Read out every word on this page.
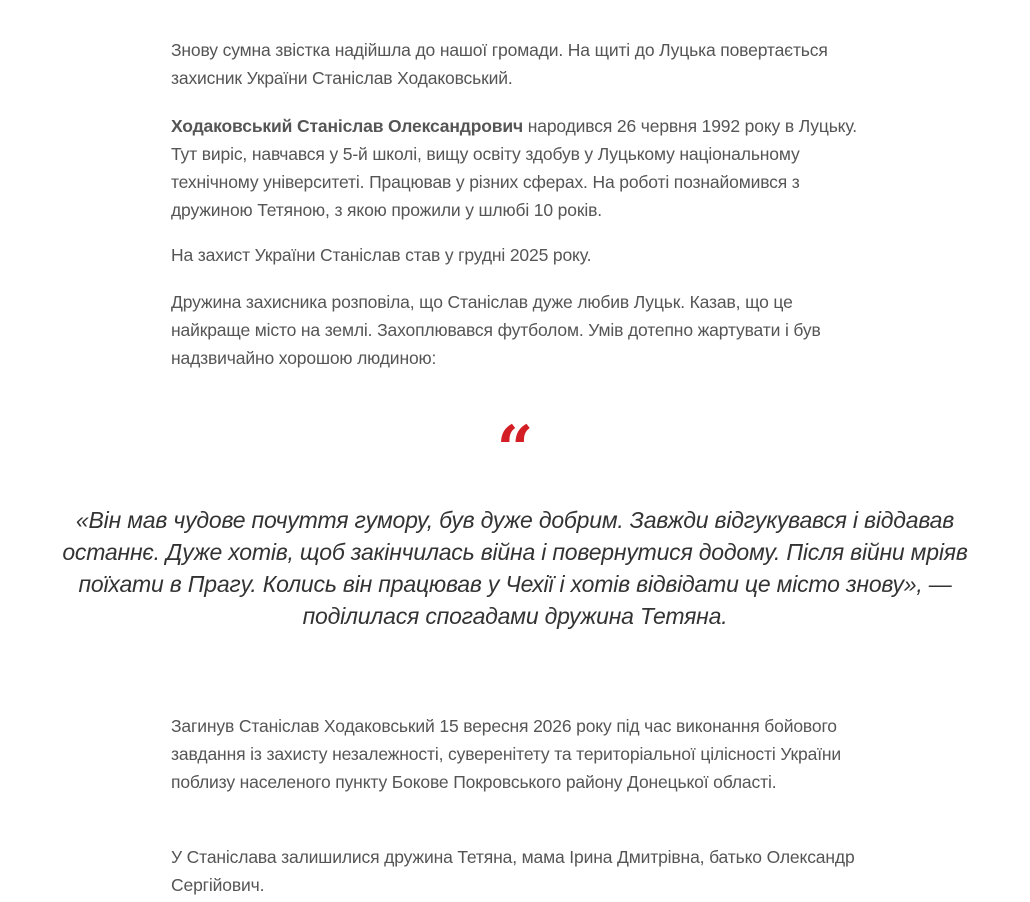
Знову сумна звістка надійшла до нашої громади. На щиті до Луцька повертається захисник України Станіслав Ходаковський.

Ходаковський Станіслав Олександрович народився 26 червня 1992 року в Луцьку. Тут виріс, навчався у 5-й школі, вищу освіту здобув у Луцькому національному технічному університеті. Працював у різних сферах. На роботі познайомився з дружиною Тетяною, з якою прожили у шлюбі 10 років.

На захист України Станіслав став у грудні 2025 року.

Дружина захисника розповіла, що Станіслав дуже любив Луцьк. Казав, що це найкраще місто на землі. Захоплювався футболом. Умів дотепно жартувати і був надзвичайно хорошою людиною:

“

«Він мав чудове почуття гумору, був дуже добрим. Завжди відгукувався і віддавав останнє. Дуже хотів, щоб закінчилась війна і повернутися додому. Після війни мріяв поїхати в Прагу. Колись він працював у Чехії і хотів відвідати це місто знову», — поділилася спогадами дружина Тетяна.

Загинув Станіслав Ходаковський 15 вересня 2026 року під час виконання бойового завдання із захисту незалежності, суверенітету та територіальної цілісності України поблизу населеного пункту Бокове Покровського району Донецької області.

У Станіслава залишилися дружина Тетяна, мама Ірина Дмитрівна, батько Олександр Сергійович.
